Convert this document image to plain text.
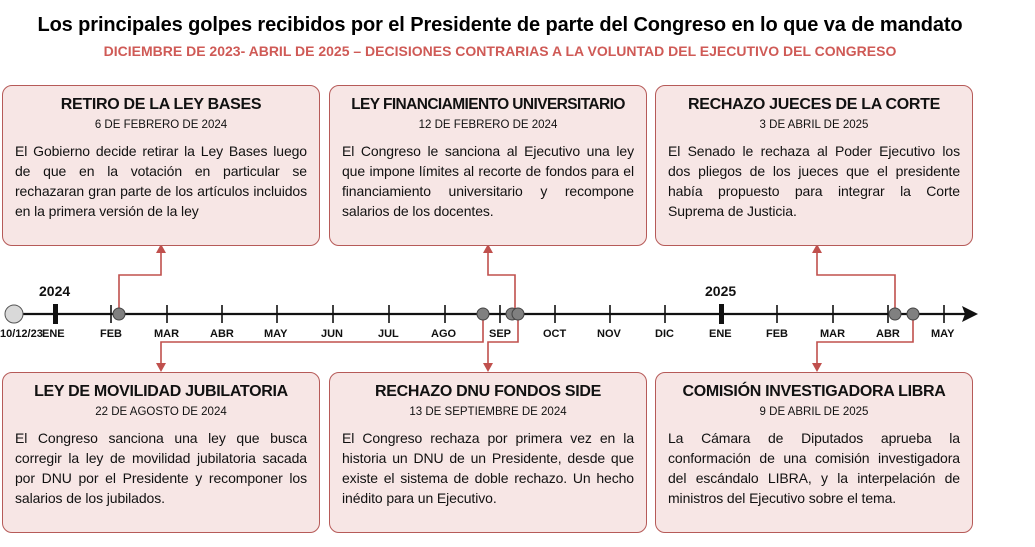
Los principales golpes recibidos por el Presidente de parte del Congreso en lo que va de mandato
DICIEMBRE DE 2023- ABRIL DE 2025 – DECISIONES CONTRARIAS A LA VOLUNTAD DEL EJECUTIVO DEL CONGRESO
2024	2025
10/12/23 ENE	FEB	MAR	ABR	MAY	JUN	JUL	AGO	SEP	OCT	NOV	DIC	ENE	FEB	MAR	ABR	MAY
RETIRO DE LA LEY BASES
6 DE FEBRERO DE 2024
El Gobierno decide retirar la Ley Bases luego de que en la votación en particular se rechazaran gran parte de los artículos incluidos en la primera versión de la ley
LEY FINANCIAMIENTO UNIVERSITARIO
12 DE FEBRERO DE 2024
El Congreso le sanciona al Ejecutivo una ley que impone límites al recorte de fondos para el financiamiento universitario y recompone salarios de los docentes.
RECHAZO JUECES DE LA CORTE
3 DE ABRIL DE 2025
El Senado le rechaza al Poder Ejecutivo los dos pliegos de los jueces que el presidente había propuesto para integrar la Corte Suprema de Justicia.
LEY DE MOVILIDAD JUBILATORIA
22 DE AGOSTO DE 2024
El Congreso sanciona una ley que busca corregir la ley de movilidad jubilatoria sacada por DNU por el Presidente y recomponer los salarios de los jubilados.
RECHAZO DNU FONDOS SIDE
13 DE SEPTIEMBRE DE 2024
El Congreso rechaza por primera vez en la historia un DNU de un Presidente, desde que existe el sistema de doble rechazo. Un hecho inédito para un Ejecutivo.
COMISIÓN INVESTIGADORA LIBRA
9 DE ABRIL DE 2025
La Cámara de Diputados aprueba la conformación de una comisión investigadora del escándalo LIBRA, y la interpelación de ministros del Ejecutivo sobre el tema.
